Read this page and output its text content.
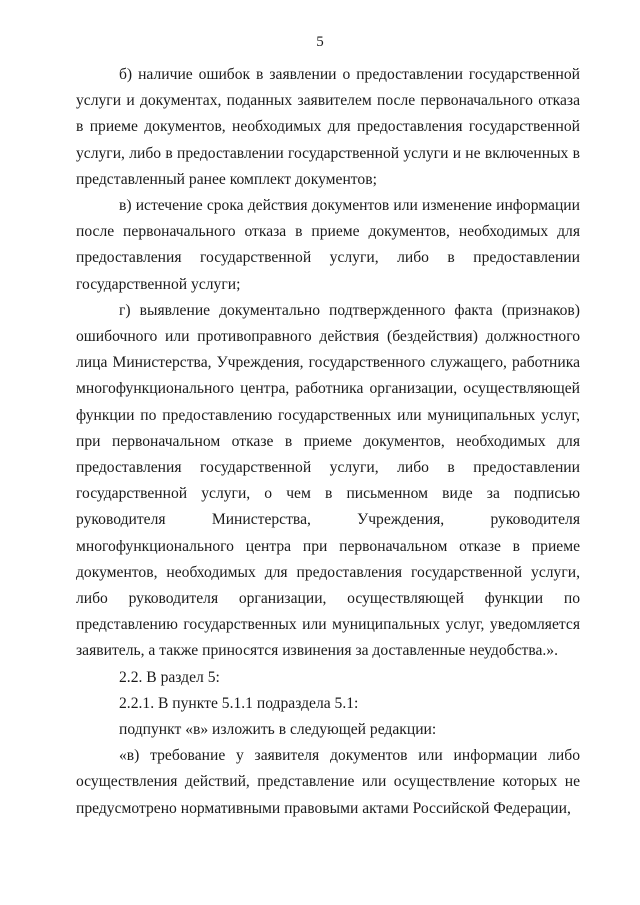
5

б) наличие ошибок в заявлении о предоставлении государственной услуги и документах, поданных заявителем после первоначального отказа в приеме документов, необходимых для предоставления государственной услуги, либо в предоставлении государственной услуги и не включенных в представленный ранее комплект документов;

в) истечение срока действия документов или изменение информации после первоначального отказа в приеме документов, необходимых для предоставления государственной услуги, либо в предоставлении государственной услуги;

г) выявление документально подтвержденного факта (признаков) ошибочного или противоправного действия (бездействия) должностного лица Министерства, Учреждения, государственного служащего, работника многофункционального центра, работника организации, осуществляющей функции по предоставлению государственных или муниципальных услуг, при первоначальном отказе в приеме документов, необходимых для предоставления государственной услуги, либо в предоставлении государственной услуги, о чем в письменном виде за подписью руководителя Министерства, Учреждения, руководителя многофункционального центра при первоначальном отказе в приеме документов, необходимых для предоставления государственной услуги, либо руководителя организации, осуществляющей функции по представлению государственных или муниципальных услуг, уведомляется заявитель, а также приносятся извинения за доставленные неудобства.».

2.2. В раздел 5:

2.2.1. В пункте 5.1.1 подраздела 5.1:

подпункт «в» изложить в следующей редакции:

«в) требование у заявителя документов или информации либо осуществления действий, представление или осуществление которых не предусмотрено нормативными правовыми актами Российской Федерации,
